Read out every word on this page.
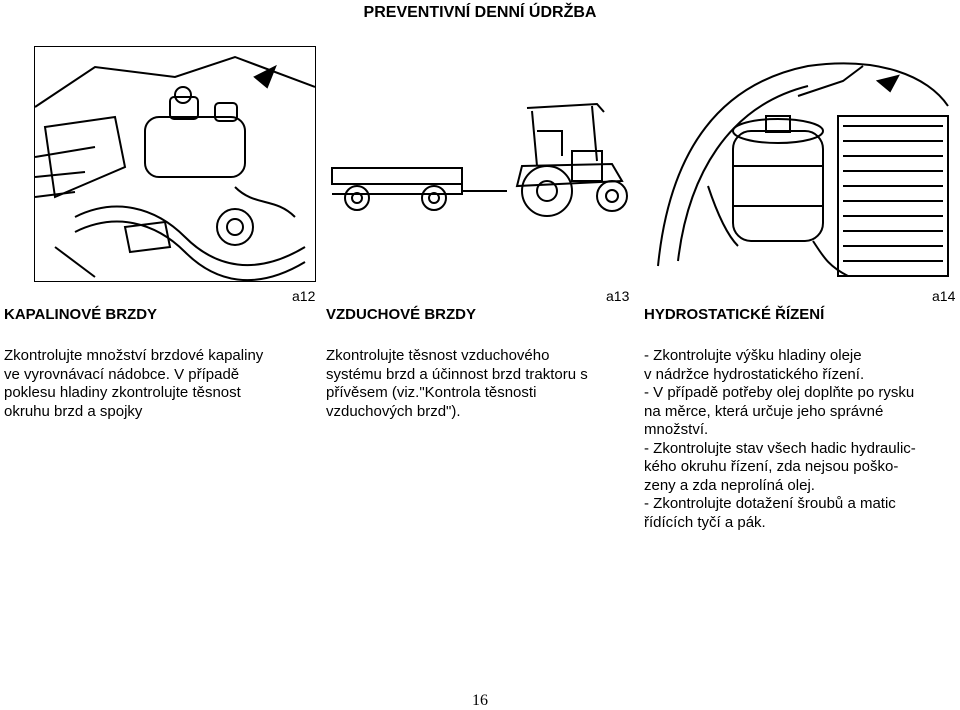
PREVENTIVNÍ DENNÍ ÚDRŽBA
a12
KAPALINOVÉ BRZDY
Zkontrolujte množství brzdové kapaliny
ve vyrovnávací nádobce. V případě
poklesu hladiny zkontrolujte těsnost
okruhu brzd a spojky
a13
VZDUCHOVÉ BRZDY
Zkontrolujte těsnost vzduchového
systému brzd a účinnost brzd traktoru s
přívěsem (viz."Kontrola těsnosti
vzduchových brzd").
a14
HYDROSTATICKÉ ŘÍZENÍ
- Zkontrolujte výšku hladiny oleje
v nádržce hydrostatického řízení.
- V případě potřeby olej doplňte po rysku
na měrce, která určuje jeho správné
množství.
- Zkontrolujte stav všech hadic hydraulic-
kého okruhu řízení, zda nejsou poško-
zeny a zda neprolíná olej.
- Zkontrolujte dotažení šroubů a matic
řídících tyčí a pák.
16
